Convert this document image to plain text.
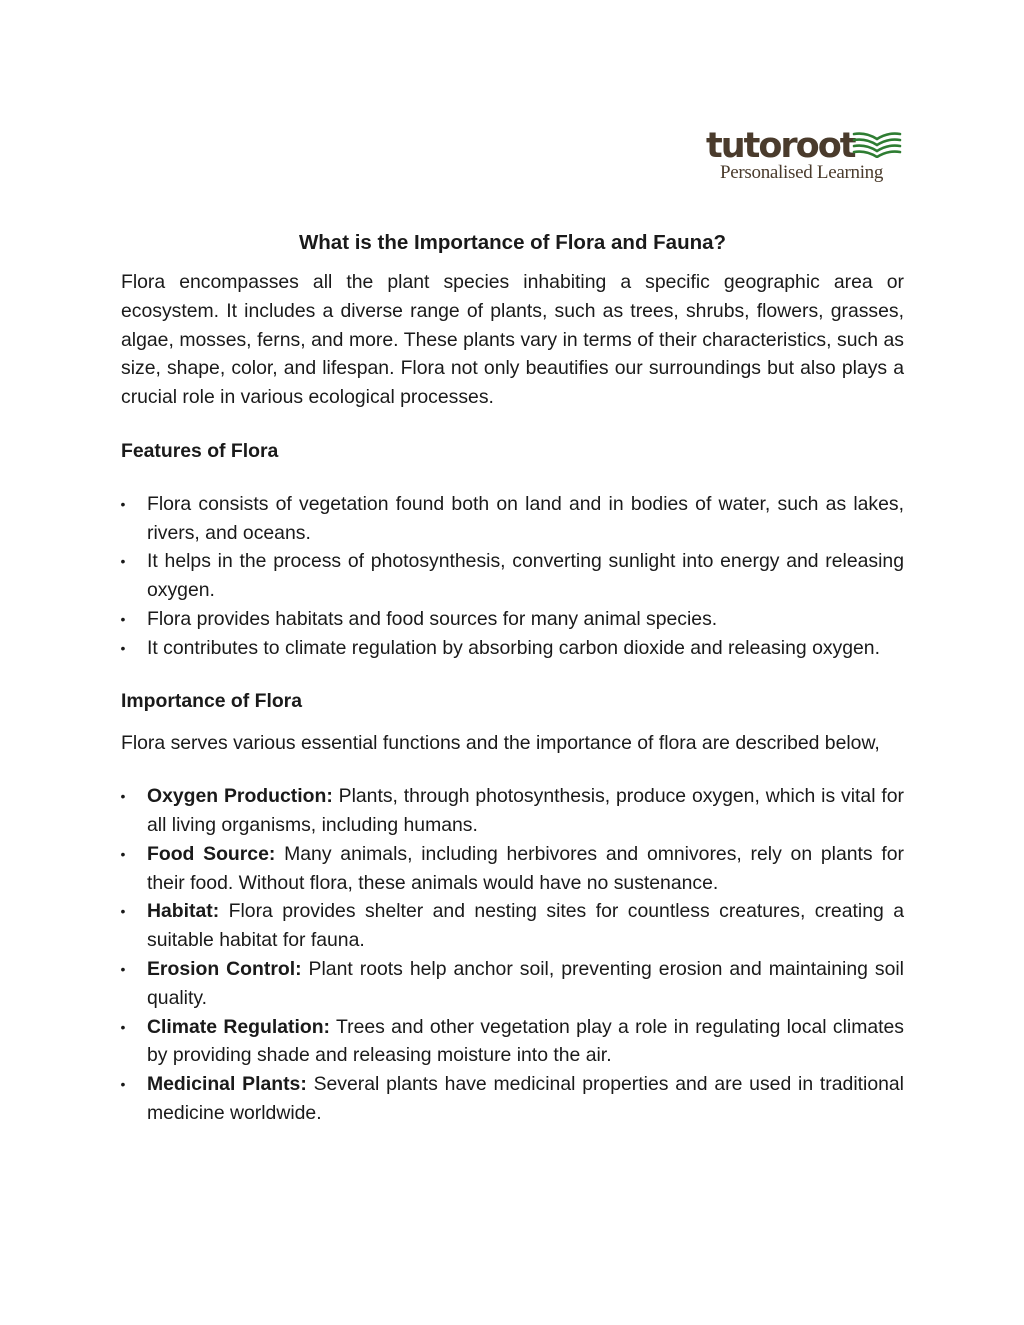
tutoroot
Personalised Learning
What is the Importance of Flora and Fauna?

Flora encompasses all the plant species inhabiting a specific geographic area or ecosystem. It includes a diverse range of plants, such as trees, shrubs, flowers, grasses, algae, mosses, ferns, and more. These plants vary in terms of their characteristics, such as size, shape, color, and lifespan. Flora not only beautifies our surroundings but also plays a crucial role in various ecological processes.

Features of Flora

• Flora consists of vegetation found both on land and in bodies of water, such as lakes, rivers, and oceans.
• It helps in the process of photosynthesis, converting sunlight into energy and releasing oxygen.
• Flora provides habitats and food sources for many animal species.
• It contributes to climate regulation by absorbing carbon dioxide and releasing oxygen.

Importance of Flora

Flora serves various essential functions and the importance of flora are described below,

• Oxygen Production: Plants, through photosynthesis, produce oxygen, which is vital for all living organisms, including humans.
• Food Source: Many animals, including herbivores and omnivores, rely on plants for their food. Without flora, these animals would have no sustenance.
• Habitat: Flora provides shelter and nesting sites for countless creatures, creating a suitable habitat for fauna.
• Erosion Control: Plant roots help anchor soil, preventing erosion and maintaining soil quality.
• Climate Regulation: Trees and other vegetation play a role in regulating local climates by providing shade and releasing moisture into the air.
• Medicinal Plants: Several plants have medicinal properties and are used in traditional medicine worldwide.
